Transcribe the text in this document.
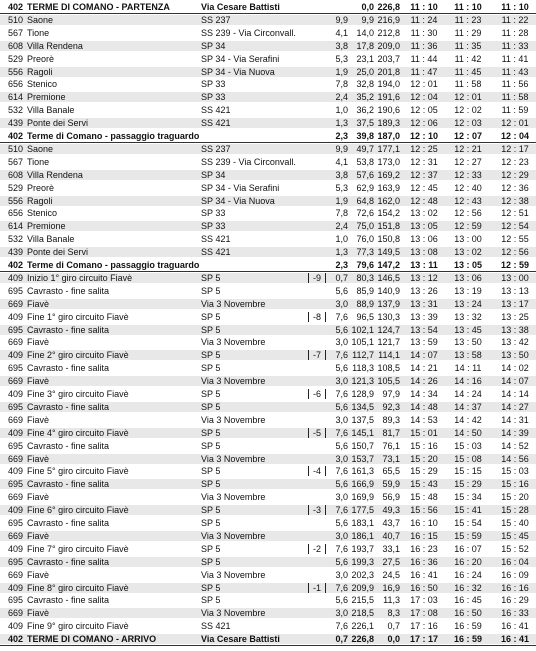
402 TERME DI COMANO - PARTENZA	Via Cesare Battisti	0,0 226,8	11 : 10	11 : 10	11 : 10
510 Saone	SS 237	9,9	9,9 216,9	11 : 24	11 : 23	11 : 22
567 Tione	SS 239 - Via Circonvall.	4,1 14,0 212,8	11 : 30	11 : 29	11 : 28
608 Villa Rendena	SP 34	3,8 17,8 209,0	11 : 36	11 : 35	11 : 33
529 Preorè	SP 34 - Via Serafini	5,3 23,1 203,7	11 : 44	11 : 42	11 : 41
556 Ragoli	SP 34 - Via Nuova	1,9 25,0 201,8	11 : 47	11 : 45	11 : 43
656 Stenico	SP 33	7,8 32,8 194,0	12 : 01	11 : 58	11 : 56
614 Premione	SP 33	2,4 35,2 191,6	12 : 04	12 : 01	11 : 58
532 Villa Banale	SS 421	1,0 36,2 190,6	12 : 05	12 : 02	11 : 59
439 Ponte dei Servi	SS 421	1,3 37,5 189,3	12 : 06	12 : 03	12 : 01
402 Terme di Comano - passaggio traguardo	2,3 39,8 187,0	12 : 10	12 : 07	12 : 04
510 Saone	SS 237	9,9 49,7 177,1	12 : 25	12 : 21	12 : 17
567 Tione	SS 239 - Via Circonvall.	4,1 53,8 173,0	12 : 31	12 : 27	12 : 23
608 Villa Rendena	SP 34	3,8 57,6 169,2	12 : 37	12 : 33	12 : 29
529 Preorè	SP 34 - Via Serafini	5,3 62,9 163,9	12 : 45	12 : 40	12 : 36
556 Ragoli	SP 34 - Via Nuova	1,9 64,8 162,0	12 : 48	12 : 43	12 : 38
656 Stenico	SP 33	7,8 72,6 154,2	13 : 02	12 : 56	12 : 51
614 Premione	SP 33	2,4 75,0 151,8	13 : 05	12 : 59	12 : 54
532 Villa Banale	SS 421	1,0 76,0 150,8	13 : 06	13 : 00	12 : 55
439 Ponte dei Servi	SS 421	1,3 77,3 149,5	13 : 08	13 : 02	12 : 56
402 Terme di Comano - passaggio traguardo	2,3 79,6 147,2	13 : 11	13 : 05	12 : 59
409 Inizio 1° giro circuito Fiavè	SP 5	-9	0,7 80,3 146,5	13 : 12	13 : 06	13 : 00
695 Cavrasto - fine salita	SP 5	5,6 85,9 140,9	13 : 26	13 : 19	13 : 13
669 Fiavè	Via 3 Novembre	3,0 88,9 137,9	13 : 31	13 : 24	13 : 17
409 Fine 1° giro circuito Fiavè	SP 5	-8	7,6 96,5 130,3	13 : 39	13 : 32	13 : 25
695 Cavrasto - fine salita	SP 5	5,6 102,1 124,7	13 : 54	13 : 45	13 : 38
669 Fiavè	Via 3 Novembre	3,0 105,1 121,7	13 : 59	13 : 50	13 : 42
409 Fine 2° giro circuito Fiavè	SP 5	-7	7,6 112,7 114,1	14 : 07	13 : 58	13 : 50
695 Cavrasto - fine salita	SP 5	5,6 118,3 108,5	14 : 21	14 : 11	14 : 02
669 Fiavè	Via 3 Novembre	3,0 121,3 105,5	14 : 26	14 : 16	14 : 07
409 Fine 3° giro circuito Fiavè	SP 5	-6	7,6 128,9 97,9	14 : 34	14 : 24	14 : 14
695 Cavrasto - fine salita	SP 5	5,6 134,5 92,3	14 : 48	14 : 37	14 : 27
669 Fiavè	Via 3 Novembre	3,0 137,5 89,3	14 : 53	14 : 42	14 : 31
409 Fine 4° giro circuito Fiavè	SP 5	-5	7,6 145,1 81,7	15 : 01	14 : 50	14 : 39
695 Cavrasto - fine salita	SP 5	5,6 150,7 76,1	15 : 16	15 : 03	14 : 52
669 Fiavè	Via 3 Novembre	3,0 153,7 73,1	15 : 20	15 : 08	14 : 56
409 Fine 5° giro circuito Fiavè	SP 5	-4	7,6 161,3 65,5	15 : 29	15 : 15	15 : 03
695 Cavrasto - fine salita	SP 5	5,6 166,9 59,9	15 : 43	15 : 29	15 : 16
669 Fiavè	Via 3 Novembre	3,0 169,9 56,9	15 : 48	15 : 34	15 : 20
409 Fine 6° giro circuito Fiavè	SP 5	-3	7,6 177,5 49,3	15 : 56	15 : 41	15 : 28
695 Cavrasto - fine salita	SP 5	5,6 183,1 43,7	16 : 10	15 : 54	15 : 40
669 Fiavè	Via 3 Novembre	3,0 186,1 40,7	16 : 15	15 : 59	15 : 45
409 Fine 7° giro circuito Fiavè	SP 5	-2	7,6 193,7 33,1	16 : 23	16 : 07	15 : 52
695 Cavrasto - fine salita	SP 5	5,6 199,3 27,5	16 : 36	16 : 20	16 : 04
669 Fiavè	Via 3 Novembre	3,0 202,3 24,5	16 : 41	16 : 24	16 : 09
409 Fine 8° giro circuito Fiavè	SP 5	-1	7,6 209,9 16,9	16 : 50	16 : 32	16 : 16
695 Cavrasto - fine salita	SP 5	5,6 215,5	11,3	17 : 03	16 : 45	16 : 29
669 Fiavè	Via 3 Novembre	3,0 218,5	8,3	17 : 08	16 : 50	16 : 33
409 Fine 9° giro circuito Fiavè	SS 421	7,6 226,1	0,7	17 : 16	16 : 59	16 : 41
402 TERME DI COMANO - ARRIVO	Via Cesare Battisti	0,7 226,8	0,0	17 : 17	16 : 59	16 : 41
